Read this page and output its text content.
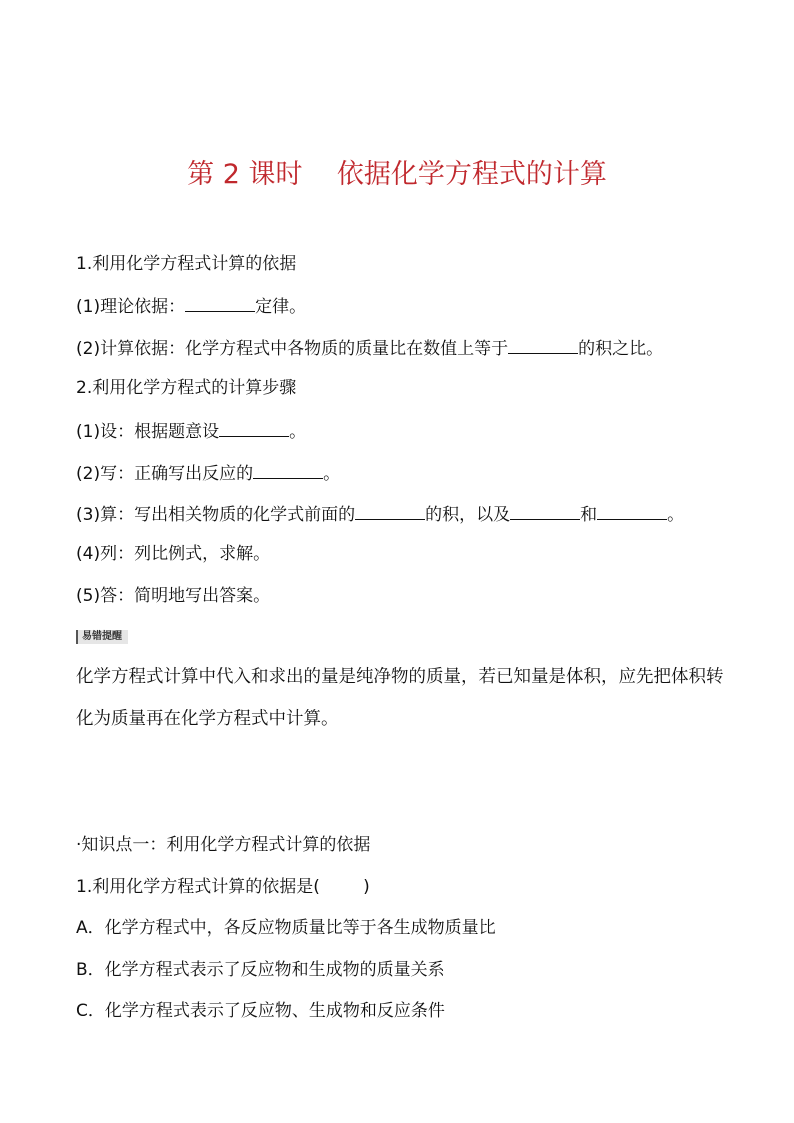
第 2 课时    依据化学方程式的计算
1.利用化学方程式计算的依据
(1)理论依据：	定律。
(2)计算依据：化学方程式中各物质的质量比在数值上等于	的积之比。
2.利用化学方程式的计算步骤
(1)设：根据题意设	。
(2)写：正确写出反应的	。
(3)算：写出相关物质的化学式前面的	的积，以及	和	。
(4)列：列比例式，求解。
(5)答：简明地写出答案。
易错提醒
化学方程式计算中代入和求出的量是纯净物的质量，若已知量是体积，应先把体积转化为质量再在化学方程式中计算。
·知识点一：利用化学方程式计算的依据
1.利用化学方程式计算的依据是(        )
A．化学方程式中，各反应物质量比等于各生成物质量比
B．化学方程式表示了反应物和生成物的质量关系
C．化学方程式表示了反应物、生成物和反应条件
